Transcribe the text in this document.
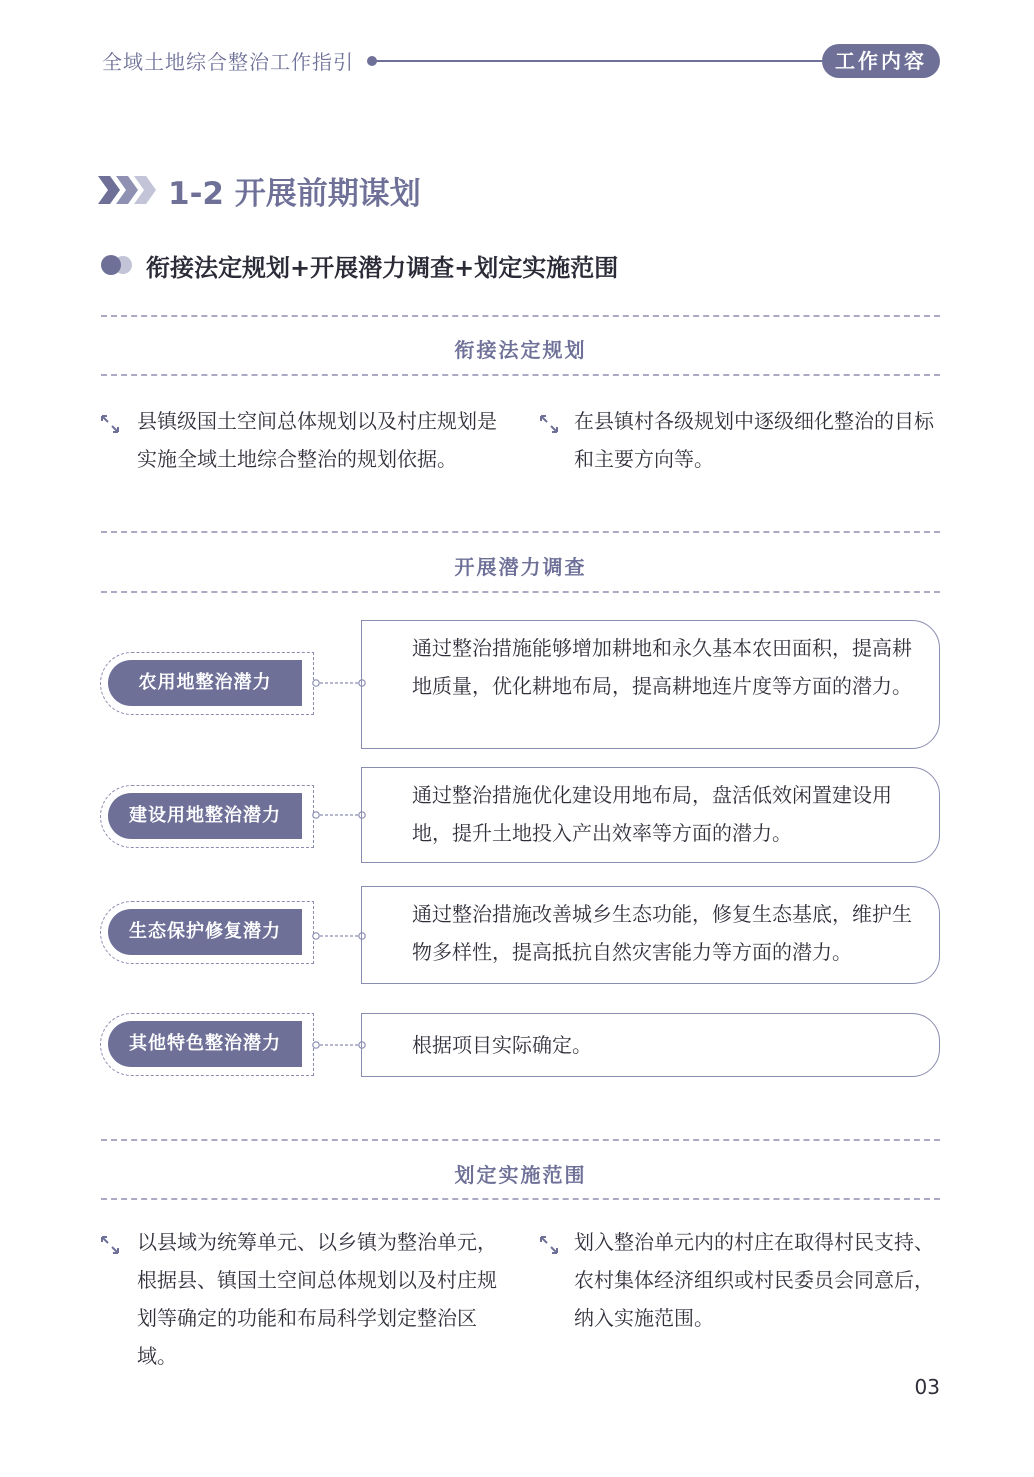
全域土地综合整治工作指引	工作内容
1-2 开展前期谋划
衔接法定规划+开展潜力调查+划定实施范围
衔接法定规划
县镇级国土空间总体规划以及村庄规划是实施全域土地综合整治的规划依据。
在县镇村各级规划中逐级细化整治的目标和主要方向等。
开展潜力调查
农用地整治潜力
通过整治措施能够增加耕地和永久基本农田面积，提高耕地质量，优化耕地布局，提高耕地连片度等方面的潜力。
建设用地整治潜力
通过整治措施优化建设用地布局，盘活低效闲置建设用地，提升土地投入产出效率等方面的潜力。
生态保护修复潜力
通过整治措施改善城乡生态功能，修复生态基底，维护生物多样性，提高抵抗自然灾害能力等方面的潜力。
其他特色整治潜力	根据项目实际确定。
划定实施范围
以县域为统筹单元、以乡镇为整治单元，根据县、镇国土空间总体规划以及村庄规划等确定的功能和布局科学划定整治区域。
划入整治单元内的村庄在取得村民支持、农村集体经济组织或村民委员会同意后，纳入实施范围。
03
